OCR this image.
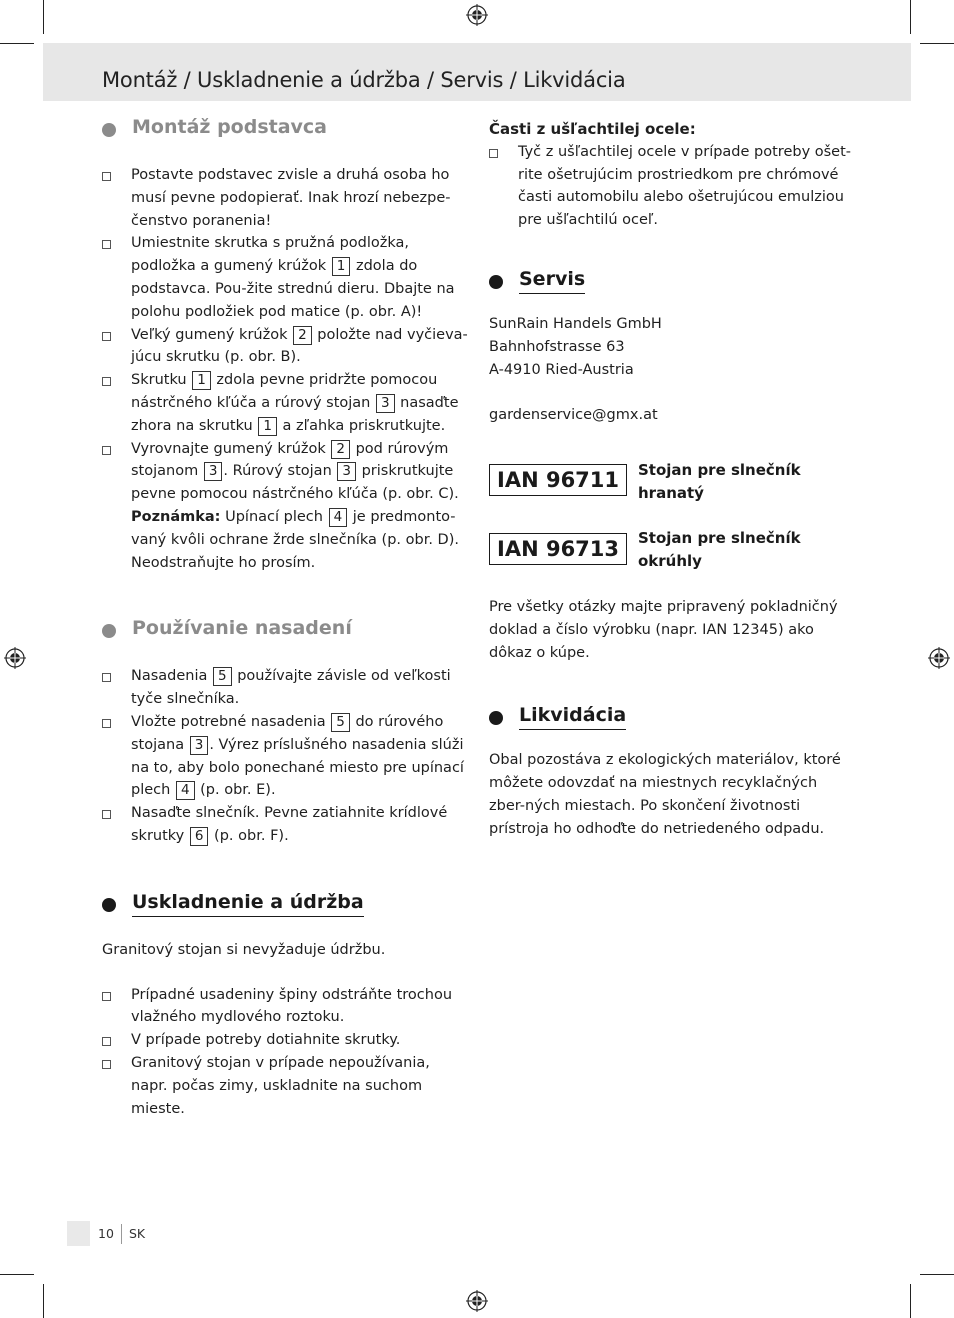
Montáž / Uskladnenie a údržba / Servis / Likvidácia
Montáž podstavca
Postavte podstavec zvisle a druhá osoba ho musí pevne podopierať. Inak hrozí nebezpe-čenstvo poranenia!
Umiestnite skrutka s pružná podložka, podložka a gumený krúžok 1 zdola do podstavca. Pou-žite strednú dieru. Dbajte na polohu podložiek pod matice (p. obr. A)!
Veľký gumený krúžok 2 položte nad vyčieva-júcu skrutku (p. obr. B).
Skrutku 1 zdola pevne pridržte pomocou nástrčného kľúča a rúrový stojan 3 nasaďte zhora na skrutku 1 a zľahka priskrutkujte.
Vyrovnajte gumený krúžok 2 pod rúrovým stojanom 3 . Rúrový stojan 3 priskrutkujte pevne pomocou nástrčného kľúča (p. obr. C).
Poznámka: Upínací plech 4 je predmonto-vaný kvôli ochrane žrde slnečníka (p. obr. D). Neodstraňujte ho prosím.
Používanie nasadení
Nasadenia 5 používajte závisle od veľkosti tyče slnečníka.
Vložte potrebné nasadenia 5 do rúrového stojana 3 . Výrez príslušného nasadenia slúži na to, aby bolo ponechané miesto pre upínací plech 4 (p. obr. E).
Nasaďte slnečník. Pevne zatiahnite krídlové skrutky 6 (p. obr. F).
Uskladnenie a údržba
Granitový stojan si nevyžaduje údržbu.
Prípadné usadeniny špiny odstráňte trochou vlažného mydlového roztoku.
V prípade potreby dotiahnite skrutky.
Granitový stojan v prípade nepoužívania, napr. počas zimy, uskladnite na suchom mieste.
Časti z ušľachtilej ocele:
Tyč z ušľachtilej ocele v prípade potreby ošet-rite ošetrujúcim prostriedkom pre chrómové časti automobilu alebo ošetrujúcou emulziou pre ušľachtilú oceľ.
Servis
SunRain Handels GmbH
Bahnhofstrasse 63
A-4910 Ried-Austria
gardenservice@gmx.at
IAN 96711	Stojan pre slnečník
hranatý
IAN 96713	Stojan pre slnečník
okrúhly
Pre všetky otázky majte pripravený pokladničný doklad a číslo výrobku (napr. IAN 12345) ako dôkaz o kúpe.
Likvidácia
Obal pozostáva z ekologických materiálov, ktoré môžete odovzdať na miestnych recyklačných zber-ných miestach. Po skončení životnosti prístroja ho odhoďte do netriedeného odpadu.
10 SK
